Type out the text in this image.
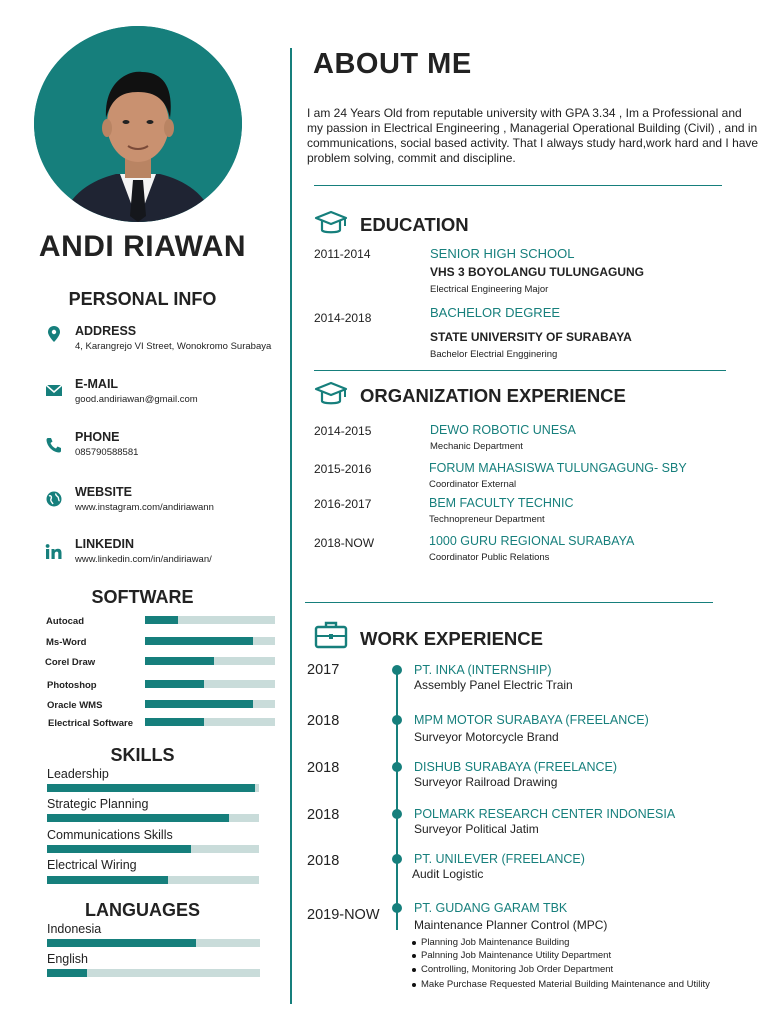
ANDI RIAWAN
PERSONAL INFO
ADDRESS
4, Karangrejo VI Street, Wonokromo Surabaya
E-MAIL
good.andiriawan@gmail.com
PHONE
085790588581
WEBSITE
www.instagram.com/andiriawann
LINKEDIN
www.linkedin.com/in/andiriawan/
SOFTWARE
Autocad
Ms-Word
Corel Draw
Photoshop
Oracle WMS
Electrical Software
SKILLS
Leadership
Strategic Planning
Communications Skills
Electrical Wiring
LANGUAGES
Indonesia
English
ABOUT ME
I am 24 Years Old from reputable university with GPA 3.34 , Im a Professional and my passion in Electrical Engineering , Managerial Operational Building (Civil) , and in communications, social based activity. That I always study hard,work hard and I have problem solving, commit and discipline.
EDUCATION
2011-2014	SENIOR HIGH SCHOOL
VHS 3 BOYOLANGU TULUNGAGUNG
Electrical Engineering Major
2014-2018	BACHELOR DEGREE
STATE UNIVERSITY OF SURABAYA
Bachelor Electrial Engginering
ORGANIZATION EXPERIENCE
2014-2015	DEWO ROBOTIC UNESA
Mechanic Department
2015-2016	FORUM MAHASISWA TULUNGAGUNG- SBY
Coordinator External
2016-2017	BEM FACULTY TECHNIC
Technopreneur Department
2018-NOW	1000 GURU REGIONAL SURABAYA
Coordinator Public Relations
WORK EXPERIENCE
2017	PT. INKA (INTERNSHIP)
Assembly Panel Electric Train
2018	MPM MOTOR SURABAYA (FREELANCE)
Surveyor Motorcycle Brand
2018	DISHUB SURABAYA (FREELANCE)
Surveyor Railroad Drawing
2018	POLMARK RESEARCH CENTER INDONESIA
Surveyor Political Jatim
2018	PT. UNILEVER (FREELANCE)
Audit Logistic
2019-NOW	PT. GUDANG GARAM TBK
Maintenance Planner Control (MPC)
Planning Job Maintenance Building
Palnning Job Maintenance Utility Department
Controlling, Monitoring Job Order Department
Make Purchase Requested Material Building Maintenance and Utility
